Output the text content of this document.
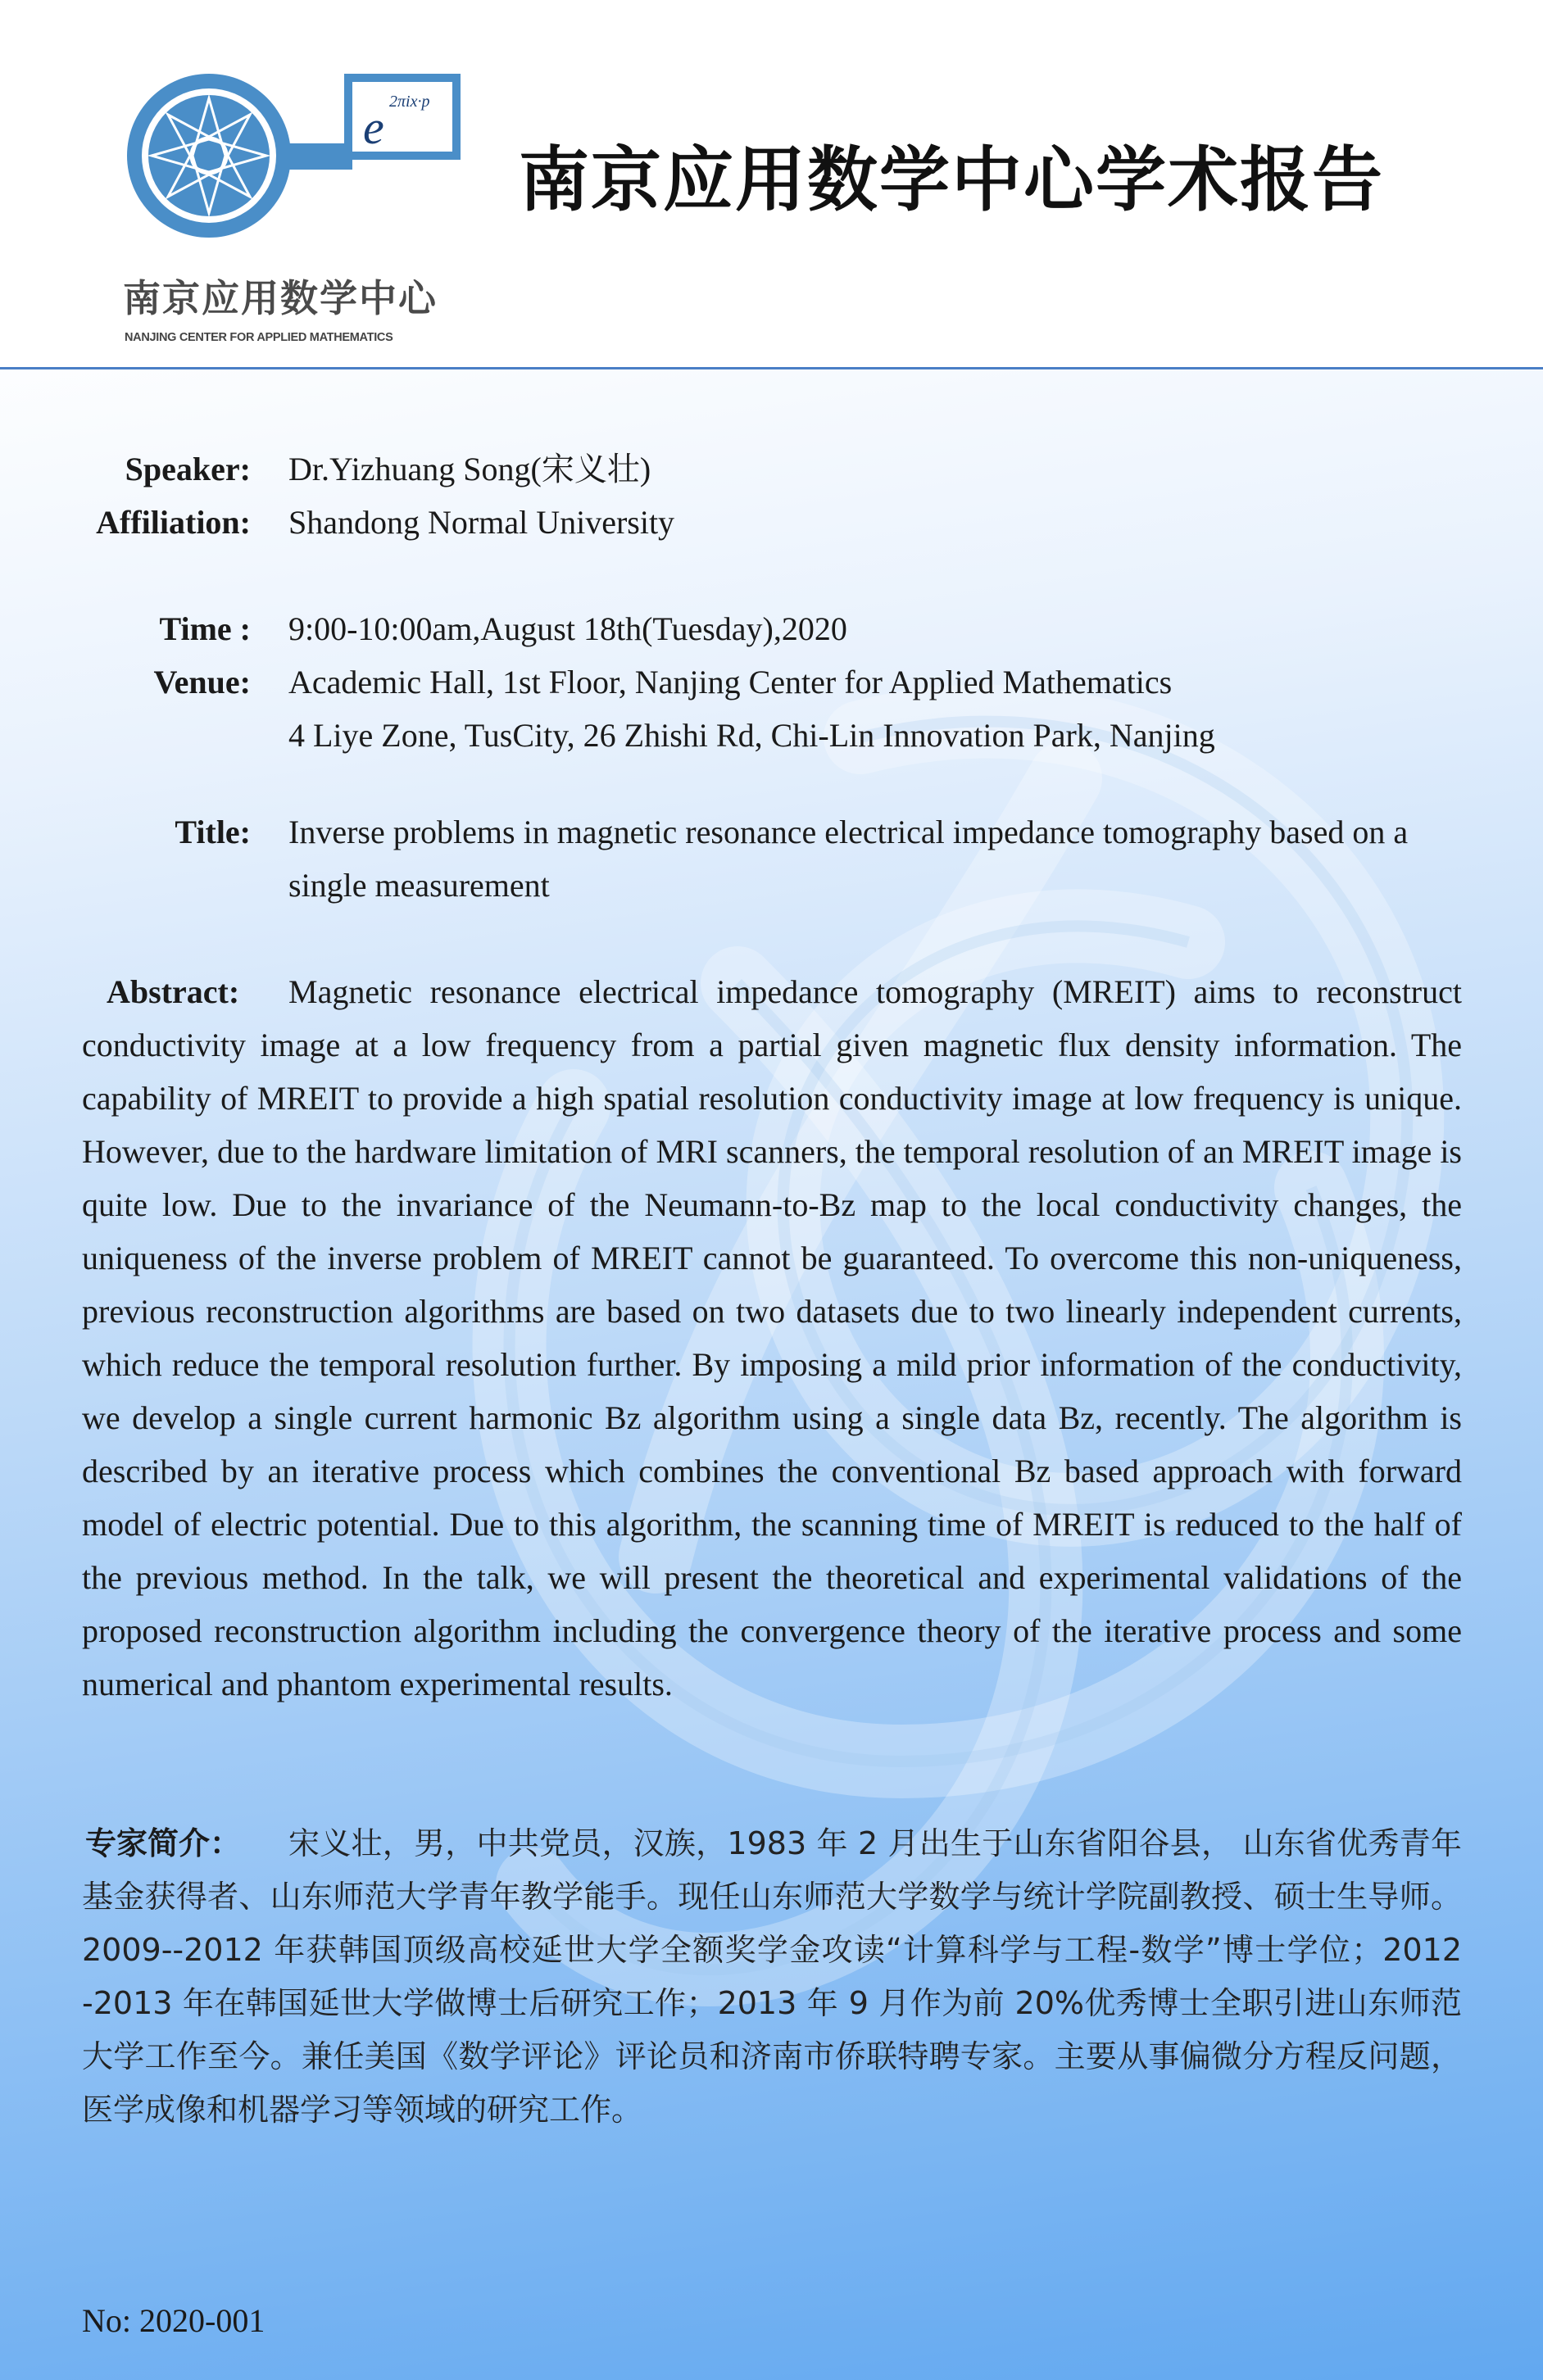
e 2πix·p
南京应用数学中心
NANJING CENTER FOR APPLIED MATHEMATICS
南京应用数学中心学术报告
Speaker: Dr.Yizhuang Song(宋义壮)
Affiliation: Shandong Normal University
Time : 9:00-10:00am,August 18th(Tuesday),2020
Venue: Academic Hall, 1st Floor, Nanjing Center for Applied Mathematics
4 Liye Zone, TusCity, 26 Zhishi Rd, Chi-Lin Innovation Park, Nanjing
Title: Inverse problems in magnetic resonance electrical impedance tomography based on a single measurement
Abstract:	Magnetic resonance electrical impedance tomography (MREIT) aims to reconstruct conductivity image at a low frequency from a partial given magnetic flux density information. The capability of MREIT to provide a high spatial resolution conductivity image at low frequency is unique. However, due to the hardware limitation of MRI scanners, the temporal resolution of an MREIT image is quite low. Due to the invariance of the Neumann-to-Bz map to the local conductivity changes, the uniqueness of the inverse problem of MREIT cannot be guaranteed. To overcome this non-uniqueness, previous reconstruction algorithms are based on two datasets due to two linearly independent currents, which reduce the temporal resolution further. By imposing a mild prior information of the conductivity, we develop a single current harmonic Bz algorithm using a single data Bz, recently. The algorithm is described by an iterative process which combines the conventional Bz based approach with forward model of electric potential. Due to this algorithm, the scanning time of MREIT is reduced to the half of the previous method. In the talk, we will present the theoretical and experimental validations of the proposed reconstruction algorithm including the convergence theory of the iterative process and some numerical and phantom experimental results.
专家简介：	宋义壮，男，中共党员，汉族，1983 年 2 月出生于山东省阳谷县， 山东省优秀青年基金获得者、山东师范大学青年教学能手。现任山东师范大学数学与统计学院副教授、硕士生导师。2009--2012 年获韩国顶级高校延世大学全额奖学金攻读“计算科学与工程-数学”博士学位；2012 -2013 年在韩国延世大学做博士后研究工作；2013 年 9 月作为前 20%优秀博士全职引进山东师范大学工作至今。兼任美国《数学评论》评论员和济南市侨联特聘专家。主要从事偏微分方程反问题，医学成像和机器学习等领域的研究工作。
No: 2020-001
